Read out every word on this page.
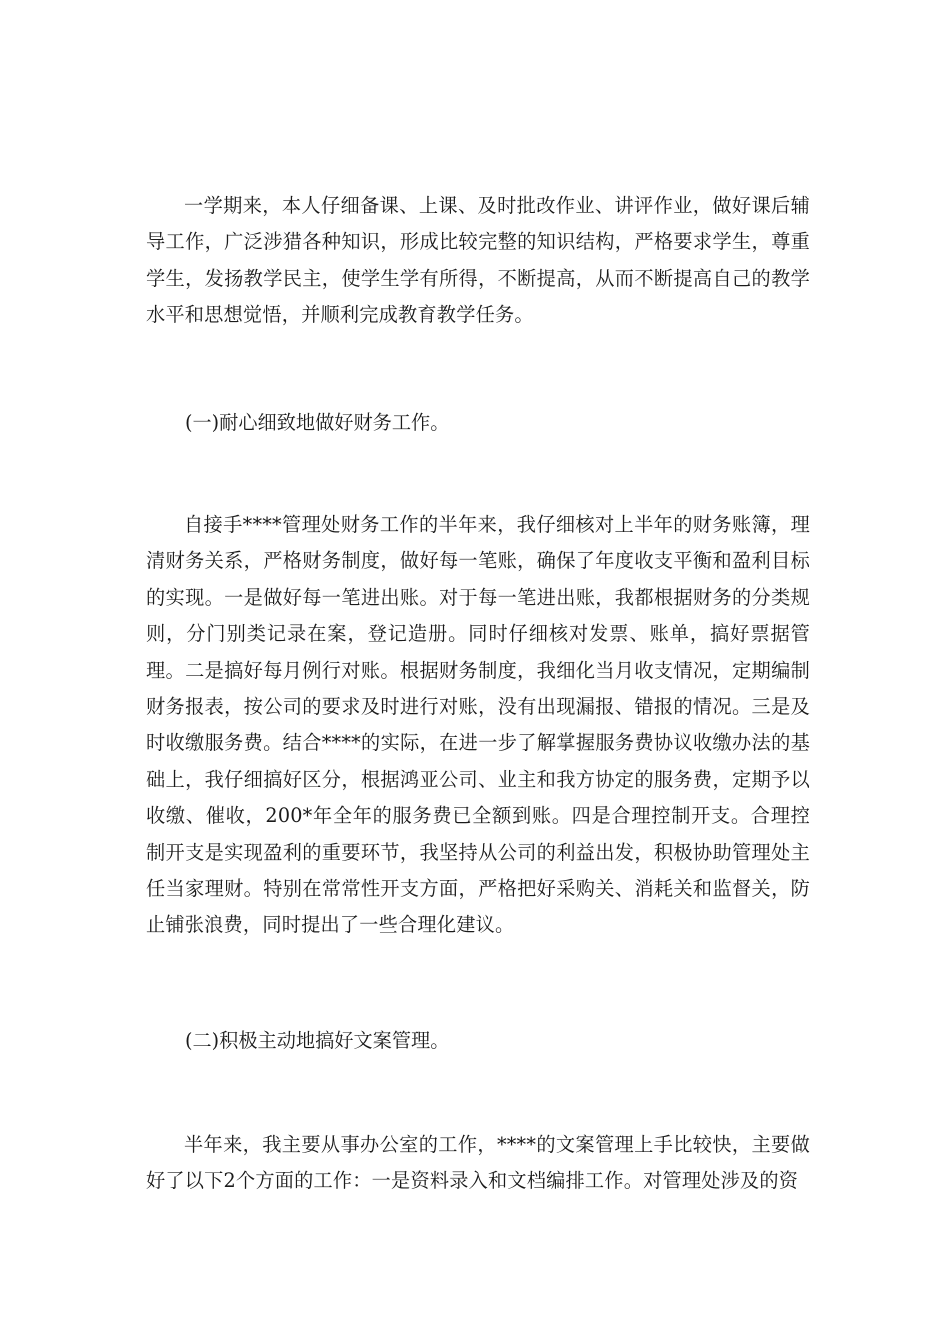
一学期来，本人仔细备课、上课、及时批改作业、讲评作业，做好课后辅导工作，广泛涉猎各种知识，形成比较完整的知识结构，严格要求学生，尊重学生，发扬教学民主，使学生学有所得，不断提高，从而不断提高自己的教学水平和思想觉悟，并顺利完成教育教学任务。

(一)耐心细致地做好财务工作。

自接手****管理处财务工作的半年来，我仔细核对上半年的财务账簿，理清财务关系，严格财务制度，做好每一笔账，确保了年度收支平衡和盈利目标的实现。一是做好每一笔进出账。对于每一笔进出账，我都根据财务的分类规则，分门别类记录在案，登记造册。同时仔细核对发票、账单，搞好票据管理。二是搞好每月例行对账。根据财务制度，我细化当月收支情况，定期编制财务报表，按公司的要求及时进行对账，没有出现漏报、错报的情况。三是及时收缴服务费。结合****的实际，在进一步了解掌握服务费协议收缴办法的基础上，我仔细搞好区分，根据鸿亚公司、业主和我方协定的服务费，定期予以收缴、催收，200*年全年的服务费已全额到账。四是合理控制开支。合理控制开支是实现盈利的重要环节，我坚持从公司的利益出发，积极协助管理处主任当家理财。特别在常常性开支方面，严格把好采购关、消耗关和监督关，防止铺张浪费，同时提出了一些合理化建议。

(二)积极主动地搞好文案管理。

半年来，我主要从事办公室的工作，****的文案管理上手比较快，主要做好了以下2个方面的工作：一是资料录入和文档编排工作。对管理处涉及的资
